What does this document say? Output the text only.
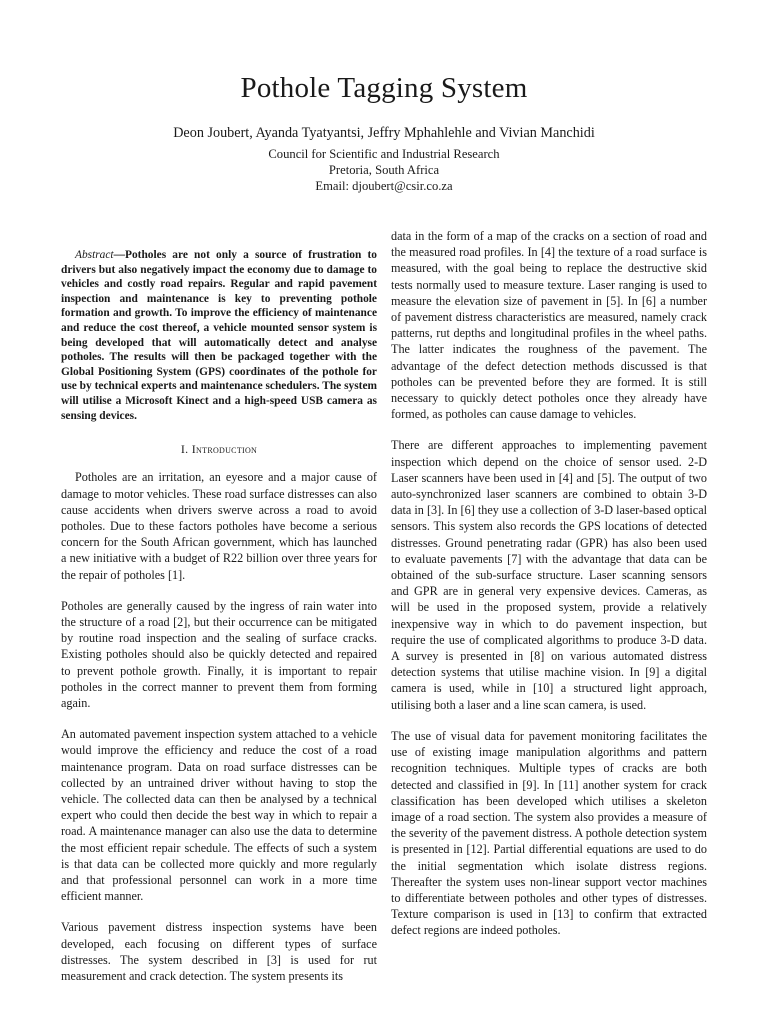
Pothole Tagging System
Deon Joubert, Ayanda Tyatyantsi, Jeffry Mphahlehle and Vivian Manchidi
Council for Scientific and Industrial Research
Pretoria, South Africa
Email: djoubert@csir.co.za

Abstract—Potholes are not only a source of frustration to drivers but also negatively impact the economy due to damage to vehicles and costly road repairs. Regular and rapid pavement inspection and maintenance is key to preventing pothole formation and growth. To improve the efficiency of maintenance and reduce the cost thereof, a vehicle mounted sensor system is being developed that will automatically detect and analyse potholes. The results will then be packaged together with the Global Positioning System (GPS) coordinates of the pothole for use by technical experts and maintenance schedulers. The system will utilise a Microsoft Kinect and a high-speed USB camera as sensing devices.

I. Introduction

Potholes are an irritation, an eyesore and a major cause of damage to motor vehicles. These road surface distresses can also cause accidents when drivers swerve across a road to avoid potholes. Due to these factors potholes have become a serious concern for the South African government, which has launched a new initiative with a budget of R22 billion over three years for the repair of potholes [1].

Potholes are generally caused by the ingress of rain water into the structure of a road [2], but their occurrence can be mitigated by routine road inspection and the sealing of surface cracks. Existing potholes should also be quickly detected and repaired to prevent pothole growth. Finally, it is important to repair potholes in the correct manner to prevent them from forming again.

An automated pavement inspection system attached to a vehicle would improve the efficiency and reduce the cost of a road maintenance program. Data on road surface distresses can be collected by an untrained driver without having to stop the vehicle. The collected data can then be analysed by a technical expert who could then decide the best way in which to repair a road. A maintenance manager can also use the data to determine the most efficient repair schedule. The effects of such a system is that data can be collected more quickly and more regularly and that professional personnel can work in a more time efficient manner.

Various pavement distress inspection systems have been developed, each focusing on different types of surface distresses. The system described in [3] is used for rut measurement and crack detection. The system presents its

data in the form of a map of the cracks on a section of road and the measured road profiles. In [4] the texture of a road surface is measured, with the goal being to replace the destructive skid tests normally used to measure texture. Laser ranging is used to measure the elevation size of pavement in [5]. In [6] a number of pavement distress characteristics are measured, namely crack patterns, rut depths and longitudinal profiles in the wheel paths. The latter indicates the roughness of the pavement. The advantage of the defect detection methods discussed is that potholes can be prevented before they are formed. It is still necessary to quickly detect potholes once they already have formed, as potholes can cause damage to vehicles.

There are different approaches to implementing pavement inspection which depend on the choice of sensor used. 2-D Laser scanners have been used in [4] and [5]. The output of two auto-synchronized laser scanners are combined to obtain 3-D data in [3]. In [6] they use a collection of 3-D laser-based optical sensors. This system also records the GPS locations of detected distresses. Ground penetrating radar (GPR) has also been used to evaluate pavements [7] with the advantage that data can be obtained of the sub-surface structure. Laser scanning sensors and GPR are in general very expensive devices. Cameras, as will be used in the proposed system, provide a relatively inexpensive way in which to do pavement inspection, but require the use of complicated algorithms to produce 3-D data. A survey is presented in [8] on various automated distress detection systems that utilise machine vision. In [9] a digital camera is used, while in [10] a structured light approach, utilising both a laser and a line scan camera, is used.

The use of visual data for pavement monitoring facilitates the use of existing image manipulation algorithms and pattern recognition techniques. Multiple types of cracks are both detected and classified in [9]. In [11] another system for crack classification has been developed which utilises a skeleton image of a road section. The system also provides a measure of the severity of the pavement distress. A pothole detection system is presented in [12]. Partial differential equations are used to do the initial segmentation which isolate distress regions. Thereafter the system uses non-linear support vector machines to differentiate between potholes and other types of distresses. Texture comparison is used in [13] to confirm that extracted defect regions are indeed potholes.
